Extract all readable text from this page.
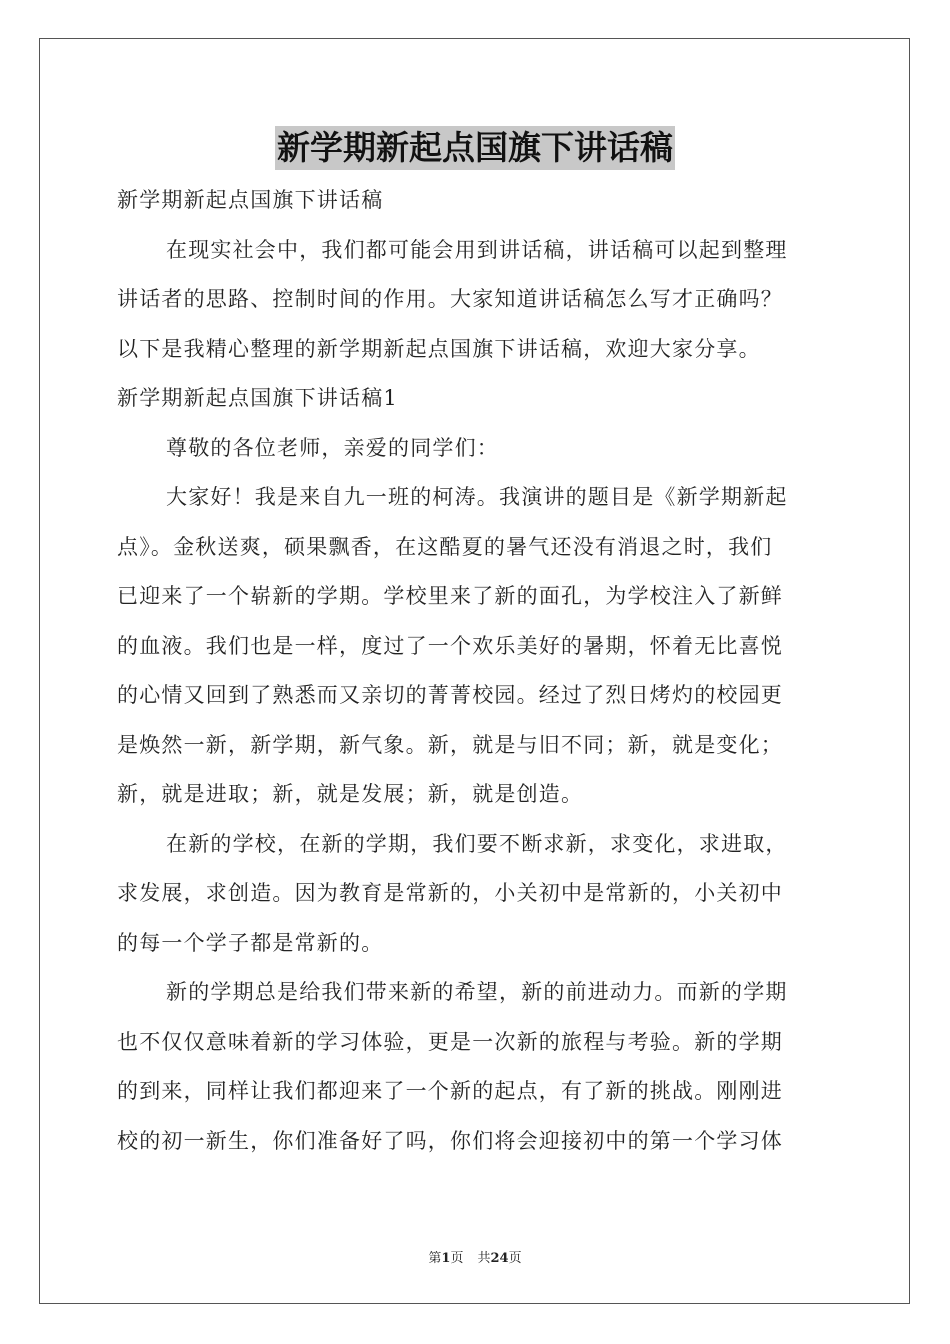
新学期新起点国旗下讲话稿
新学期新起点国旗下讲话稿
在现实社会中，我们都可能会用到讲话稿，讲话稿可以起到整理
讲话者的思路、控制时间的作用。大家知道讲话稿怎么写才正确吗？
以下是我精心整理的新学期新起点国旗下讲话稿，欢迎大家分享。
新学期新起点国旗下讲话稿1
尊敬的各位老师，亲爱的同学们：
大家好！我是来自九一班的柯涛。我演讲的题目是《新学期新起
点》。金秋送爽，硕果飘香，在这酷夏的暑气还没有消退之时，我们
已迎来了一个崭新的学期。学校里来了新的面孔，为学校注入了新鲜
的血液。我们也是一样，度过了一个欢乐美好的暑期，怀着无比喜悦
的心情又回到了熟悉而又亲切的菁菁校园。经过了烈日烤灼的校园更
是焕然一新，新学期，新气象。新，就是与旧不同；新，就是变化；
新，就是进取；新，就是发展；新，就是创造。
在新的学校，在新的学期，我们要不断求新，求变化，求进取，
求发展，求创造。因为教育是常新的，小关初中是常新的，小关初中
的每一个学子都是常新的。
新的学期总是给我们带来新的希望，新的前进动力。而新的学期
也不仅仅意味着新的学习体验，更是一次新的旅程与考验。新的学期
的到来，同样让我们都迎来了一个新的起点，有了新的挑战。刚刚进
校的初一新生，你们准备好了吗，你们将会迎接初中的第一个学习体
第1页 共24页
